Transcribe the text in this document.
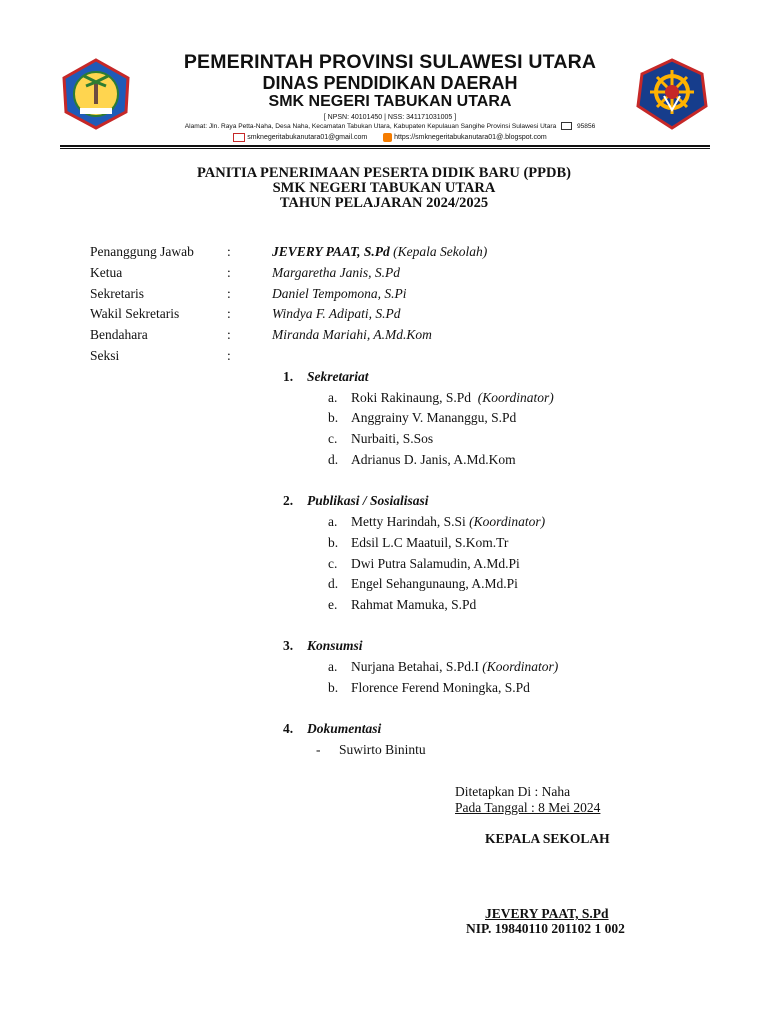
PEMERINTAH PROVINSI SULAWESI UTARA
DINAS PENDIDIKAN DAERAH
SMK NEGERI TABUKAN UTARA
[ NPSN: 40101450 | NSS: 341171031005 ]
Alamat: Jln. Raya Petta-Naha, Desa Naha, Kecamatan Tabukan Utara, Kabupaten Kepulauan Sangihe Provinsi Sulawesi Utara	95856
smknegeritabukanutara01@gmail.com	https://smknegeritabukanutara01@.blogspot.com
PANITIA PENERIMAAN PESERTA DIDIK BARU (PPDB)
SMK NEGERI TABUKAN UTARA
TAHUN PELAJARAN 2024/2025
Penanggung Jawab :	JEVERY PAAT, S.Pd (Kepala Sekolah)
Ketua	:	Margaretha Janis, S.Pd
Sekretaris	:	Daniel Tempomona, S.Pi
Wakil Sekretaris	:	Windya F. Adipati, S.Pd
Bendahara	:	Miranda Mariahi, A.Md.Kom
Seksi	:
1. Sekretariat
a. Roki Rakinaung, S.Pd (Koordinator)
b. Anggrainy V. Mananggu, S.Pd
c. Nurbaiti, S.Sos
d. Adrianus D. Janis, A.Md.Kom
2. Publikasi / Sosialisasi
a. Metty Harindah, S.Si (Koordinator)
b. Edsil L.C Maatuil, S.Kom.Tr
c. Dwi Putra Salamudin, A.Md.Pi
d. Engel Sehangunaung, A.Md.Pi
e. Rahmat Mamuka, S.Pd
3. Konsumsi
a. Nurjana Betahai, S.Pd.I (Koordinator)
b. Florence Ferend Moningka, S.Pd
4. Dokumentasi
- Suwirto Binintu
Ditetapkan Di : Naha
Pada Tanggal : 8 Mei 2024
KEPALA SEKOLAH
JEVERY PAAT, S.Pd
NIP. 19840110 201102 1 002
